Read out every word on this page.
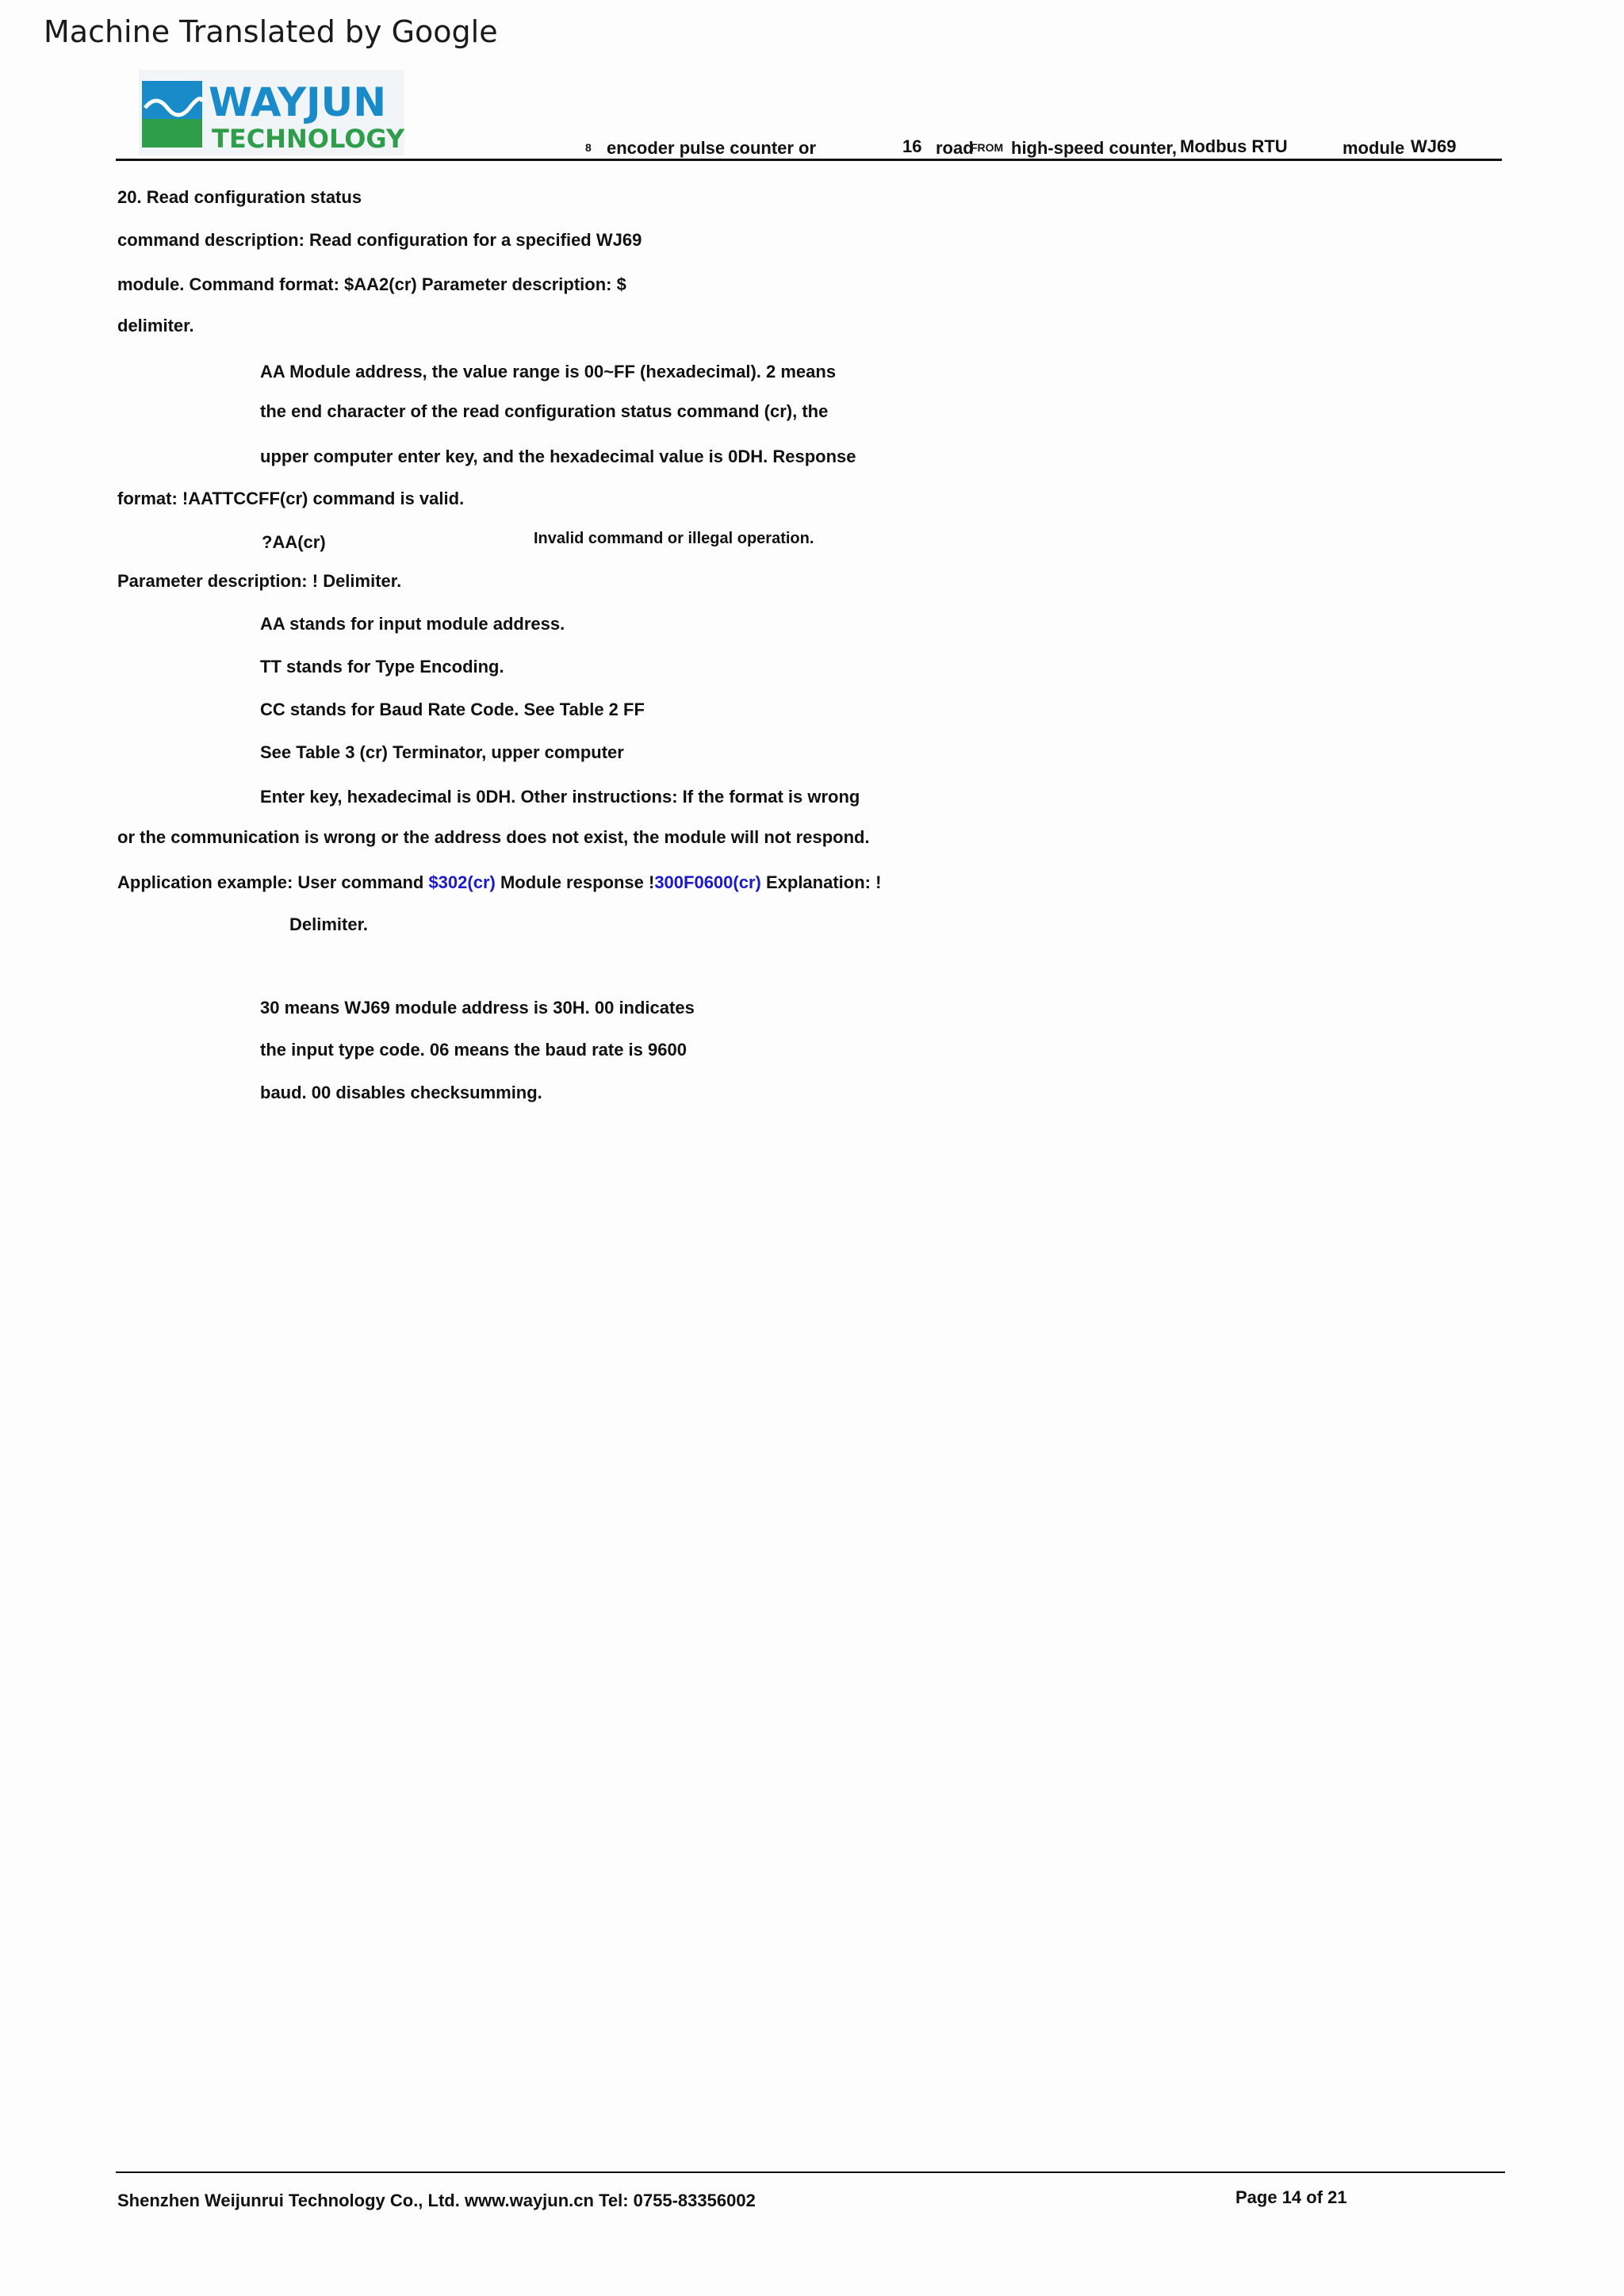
Machine Translated by Google
WAYJUN
TECHNOLOGY	8 encoder pulse counter or	16 road
FROM high-speed counter, Modbus RTU	module WJ69
20. Read configuration status
command description: Read configuration for a specified WJ69
module. Command format: $AA2(cr) Parameter description: $
delimiter.
AA Module address, the value range is 00~FF (hexadecimal). 2 means
the end character of the read configuration status command (cr), the
upper computer enter key, and the hexadecimal value is 0DH. Response
format: !AATTCCFF(cr) command is valid.
?AA(cr)	Invalid command or illegal operation.
Parameter description: ! Delimiter.
AA stands for input module address.
TT stands for Type Encoding.
CC stands for Baud Rate Code. See Table 2 FF
See Table 3 (cr) Terminator, upper computer
Enter key, hexadecimal is 0DH. Other instructions: If the format is wrong
or the communication is wrong or the address does not exist, the module will not respond.
Application example: User command $302(cr) Module response !300F0600(cr) Explanation: !
Delimiter.
30 means WJ69 module address is 30H. 00 indicates
the input type code. 06 means the baud rate is 9600
baud. 00 disables checksumming.
Shenzhen Weijunrui Technology Co., Ltd. www.wayjun.cn Tel: 0755-83356002	Page 14 of 21
